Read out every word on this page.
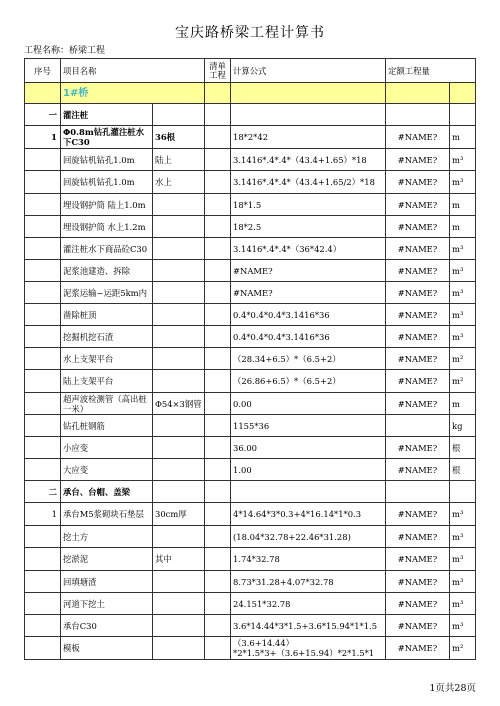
宝庆路桥梁工程计算书
工程名称：桥梁工程
序号	项目名称		清单工程	计算公式	定额工程量	
	1#桥					
一	灌注桩					
1	Φ0.8m钻孔灌注桩水下C30	36根		18*2*42	#NAME?	m
	回旋钻机钻孔1.0m	陆上		3.1416*.4*.4*（43.4+1.65）*18	#NAME?	m³
	回旋钻机钻孔1.0m	水上		3.1416*.4*.4*（43.4+1.65/2）*18	#NAME?	m³
	埋设钢护筒 陆上1.0m			18*1.5	#NAME?	m
	埋设钢护筒 水上1.2m			18*2.5	#NAME?	m
	灌注桩水下商品砼C30			3.1416*.4*.4*（36*42.4）	#NAME?	m³
	泥浆池建造、拆除			#NAME?	#NAME?	m³
	泥浆运输~运距5km内			#NAME?	#NAME?	m³
	凿除桩顶			0.4*0.4*0.4*3.1416*36	#NAME?	m³
	挖掘机挖石渣			0.4*0.4*0.4*3.1416*36	#NAME?	m³
	水上支架平台			（28.34+6.5）*（6.5+2）	#NAME?	m²
	陆上支架平台			（26.86+6.5）*（6.5+2）	#NAME?	m²
	超声波检测管（高出桩一米）	Φ54×3钢管		0.00	#NAME?	m
	钻孔桩钢筋			1155*36		kg
	小应变			36.00	#NAME?	根
	大应变			1.00	#NAME?	根
二	承台、台帽、盖梁					
1	承台M5浆砌块石垫层	30cm厚		4*14.64*3*0.3+4*16.14*1*0.3	#NAME?	m³
	挖土方			(18.04*32.78+22.46*31.28)	#NAME?	m³
	挖淤泥	其中		1.74*32.78	#NAME?	m³
	回填塘渣			8.73*31.28+4.07*32.78	#NAME?	m³
	河道下挖土			24.151*32.78	#NAME?	m³
	承台C30			3.6*14.44*3*1.5+3.6*15.94*1*1.5	#NAME?	m³
	模板			（3.6+14.44）*2*1.5*3+（3.6+15.94）*2*1.5*1	#NAME?	m²
1页共28页
